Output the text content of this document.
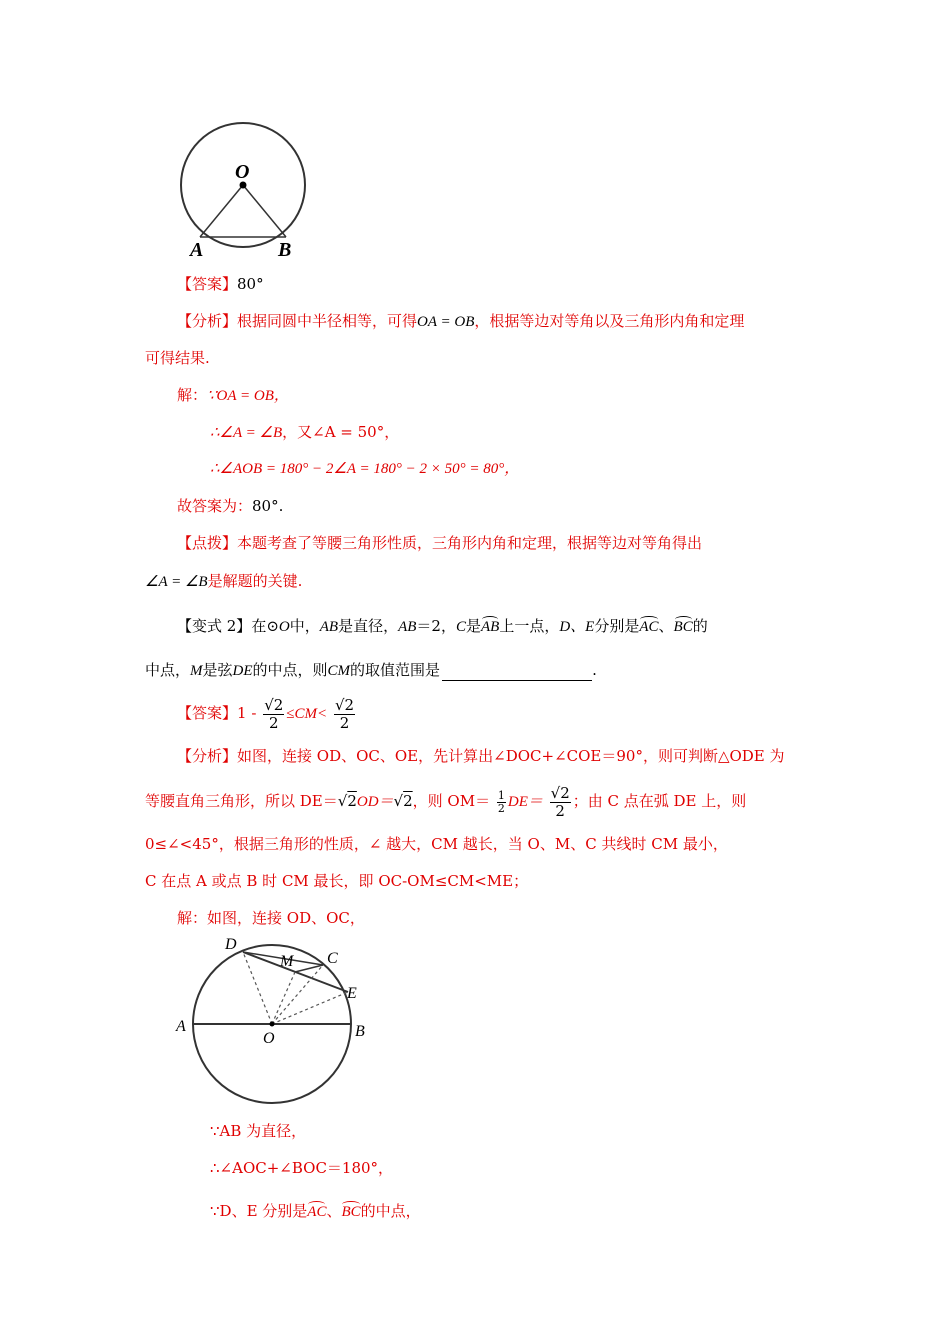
O
A	B
【答案】80°
【分析】根据同圆中半径相等，可得OA = OB，根据等边对等角以及三角形内角和定理
可得结果.
解：∵OA = OB，
∴∠A = ∠B，又∠A = 50°，
∴∠AOB = 180° − 2∠A = 180° − 2 × 50° = 80°，
故答案为：80°.
【点拨】本题考查了等腰三角形性质，三角形内角和定理，根据等边对等角得出
∠A = ∠B是解题的关键.
【变式 2】在⊙O中，AB是直径，AB＝2，C是AB上一点，D、E分别是AC、BC的
中点，M是弦DE的中点，则CM的取值范围是	.
【答案】$1 - \frac{√2}{2} \le CM< \frac{√2}{2}$
【分析】如图，连接 OD、OC、OE，先计算出∠DOC+∠COE＝90°，则可判断△ODE 为
等腰直角三角形，所以 DE＝√2OD＝√2，则 $OM= \frac{1}{2} DE= \frac{√2}{2}$ ；由 C 点在弧 DE 上，则
0≤∠<45°，根据三角形的性质，∠ 越大，CM 越长，当 O、M、C 共线时 CM 最小，
C 在点 A 或点 B 时 CM 最长，即 OC-OM≤CM<ME；
解：如图，连接 OD、OC，
D
M C
E
A
O	B
∵AB 为直径，
∴∠AOC+∠BOC＝180°，
∵D、E 分别是AC、BC的中点，
